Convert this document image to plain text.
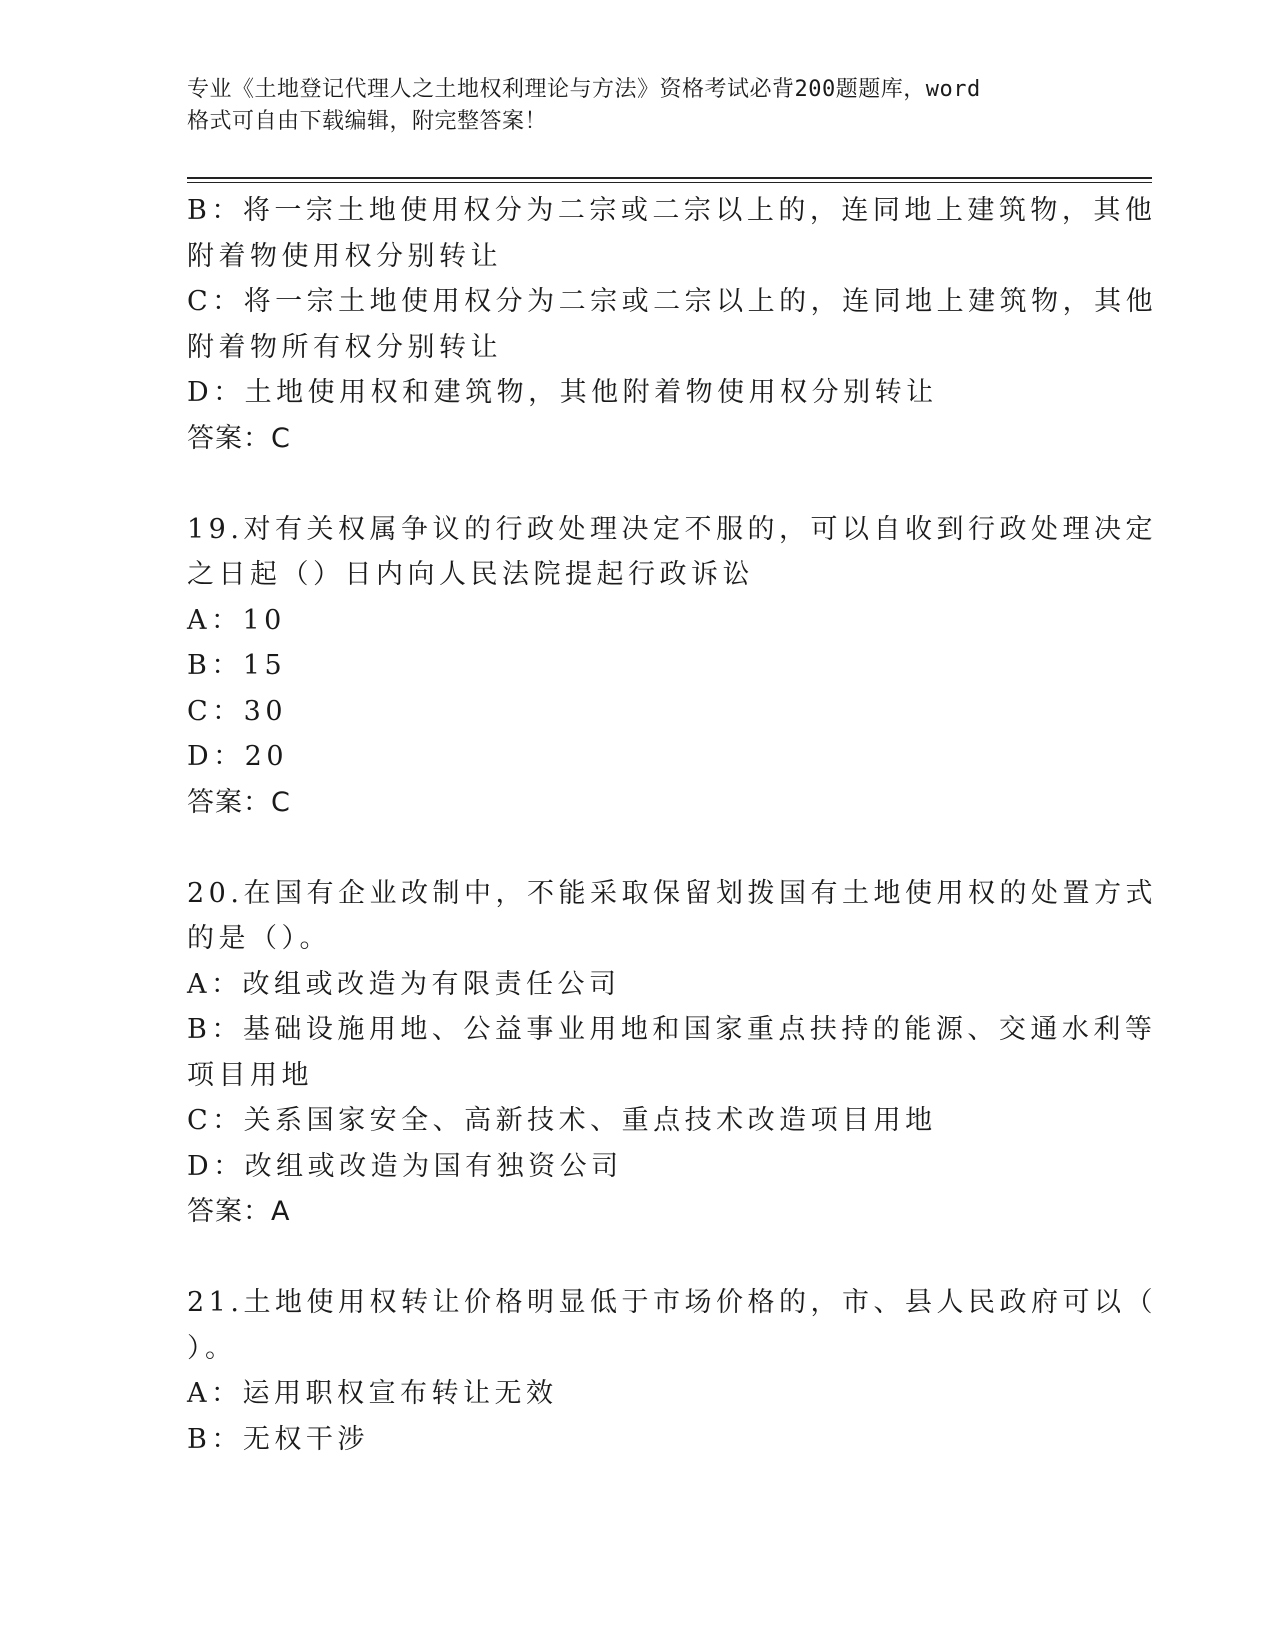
专业《土地登记代理人之土地权利理论与方法》资格考试必背200题题库，word
格式可自由下载编辑，附完整答案！
B：将一宗土地使用权分为二宗或二宗以上的，连同地上建筑物，其他
附着物使用权分别转让
C：将一宗土地使用权分为二宗或二宗以上的，连同地上建筑物，其他
附着物所有权分别转让
D：土地使用权和建筑物，其他附着物使用权分别转让
答案：C
19.对有关权属争议的行政处理决定不服的，可以自收到行政处理决定
之日起（）日内向人民法院提起行政诉讼
A：10
B：15
C：30
D：20
答案：C
20.在国有企业改制中，不能采取保留划拨国有土地使用权的处置方式
的是（）。
A：改组或改造为有限责任公司
B：基础设施用地、公益事业用地和国家重点扶持的能源、交通水利等
项目用地
C：关系国家安全、高新技术、重点技术改造项目用地
D：改组或改造为国有独资公司
答案：A
21.土地使用权转让价格明显低于市场价格的，市、县人民政府可以（
）。
A：运用职权宣布转让无效
B：无权干涉
